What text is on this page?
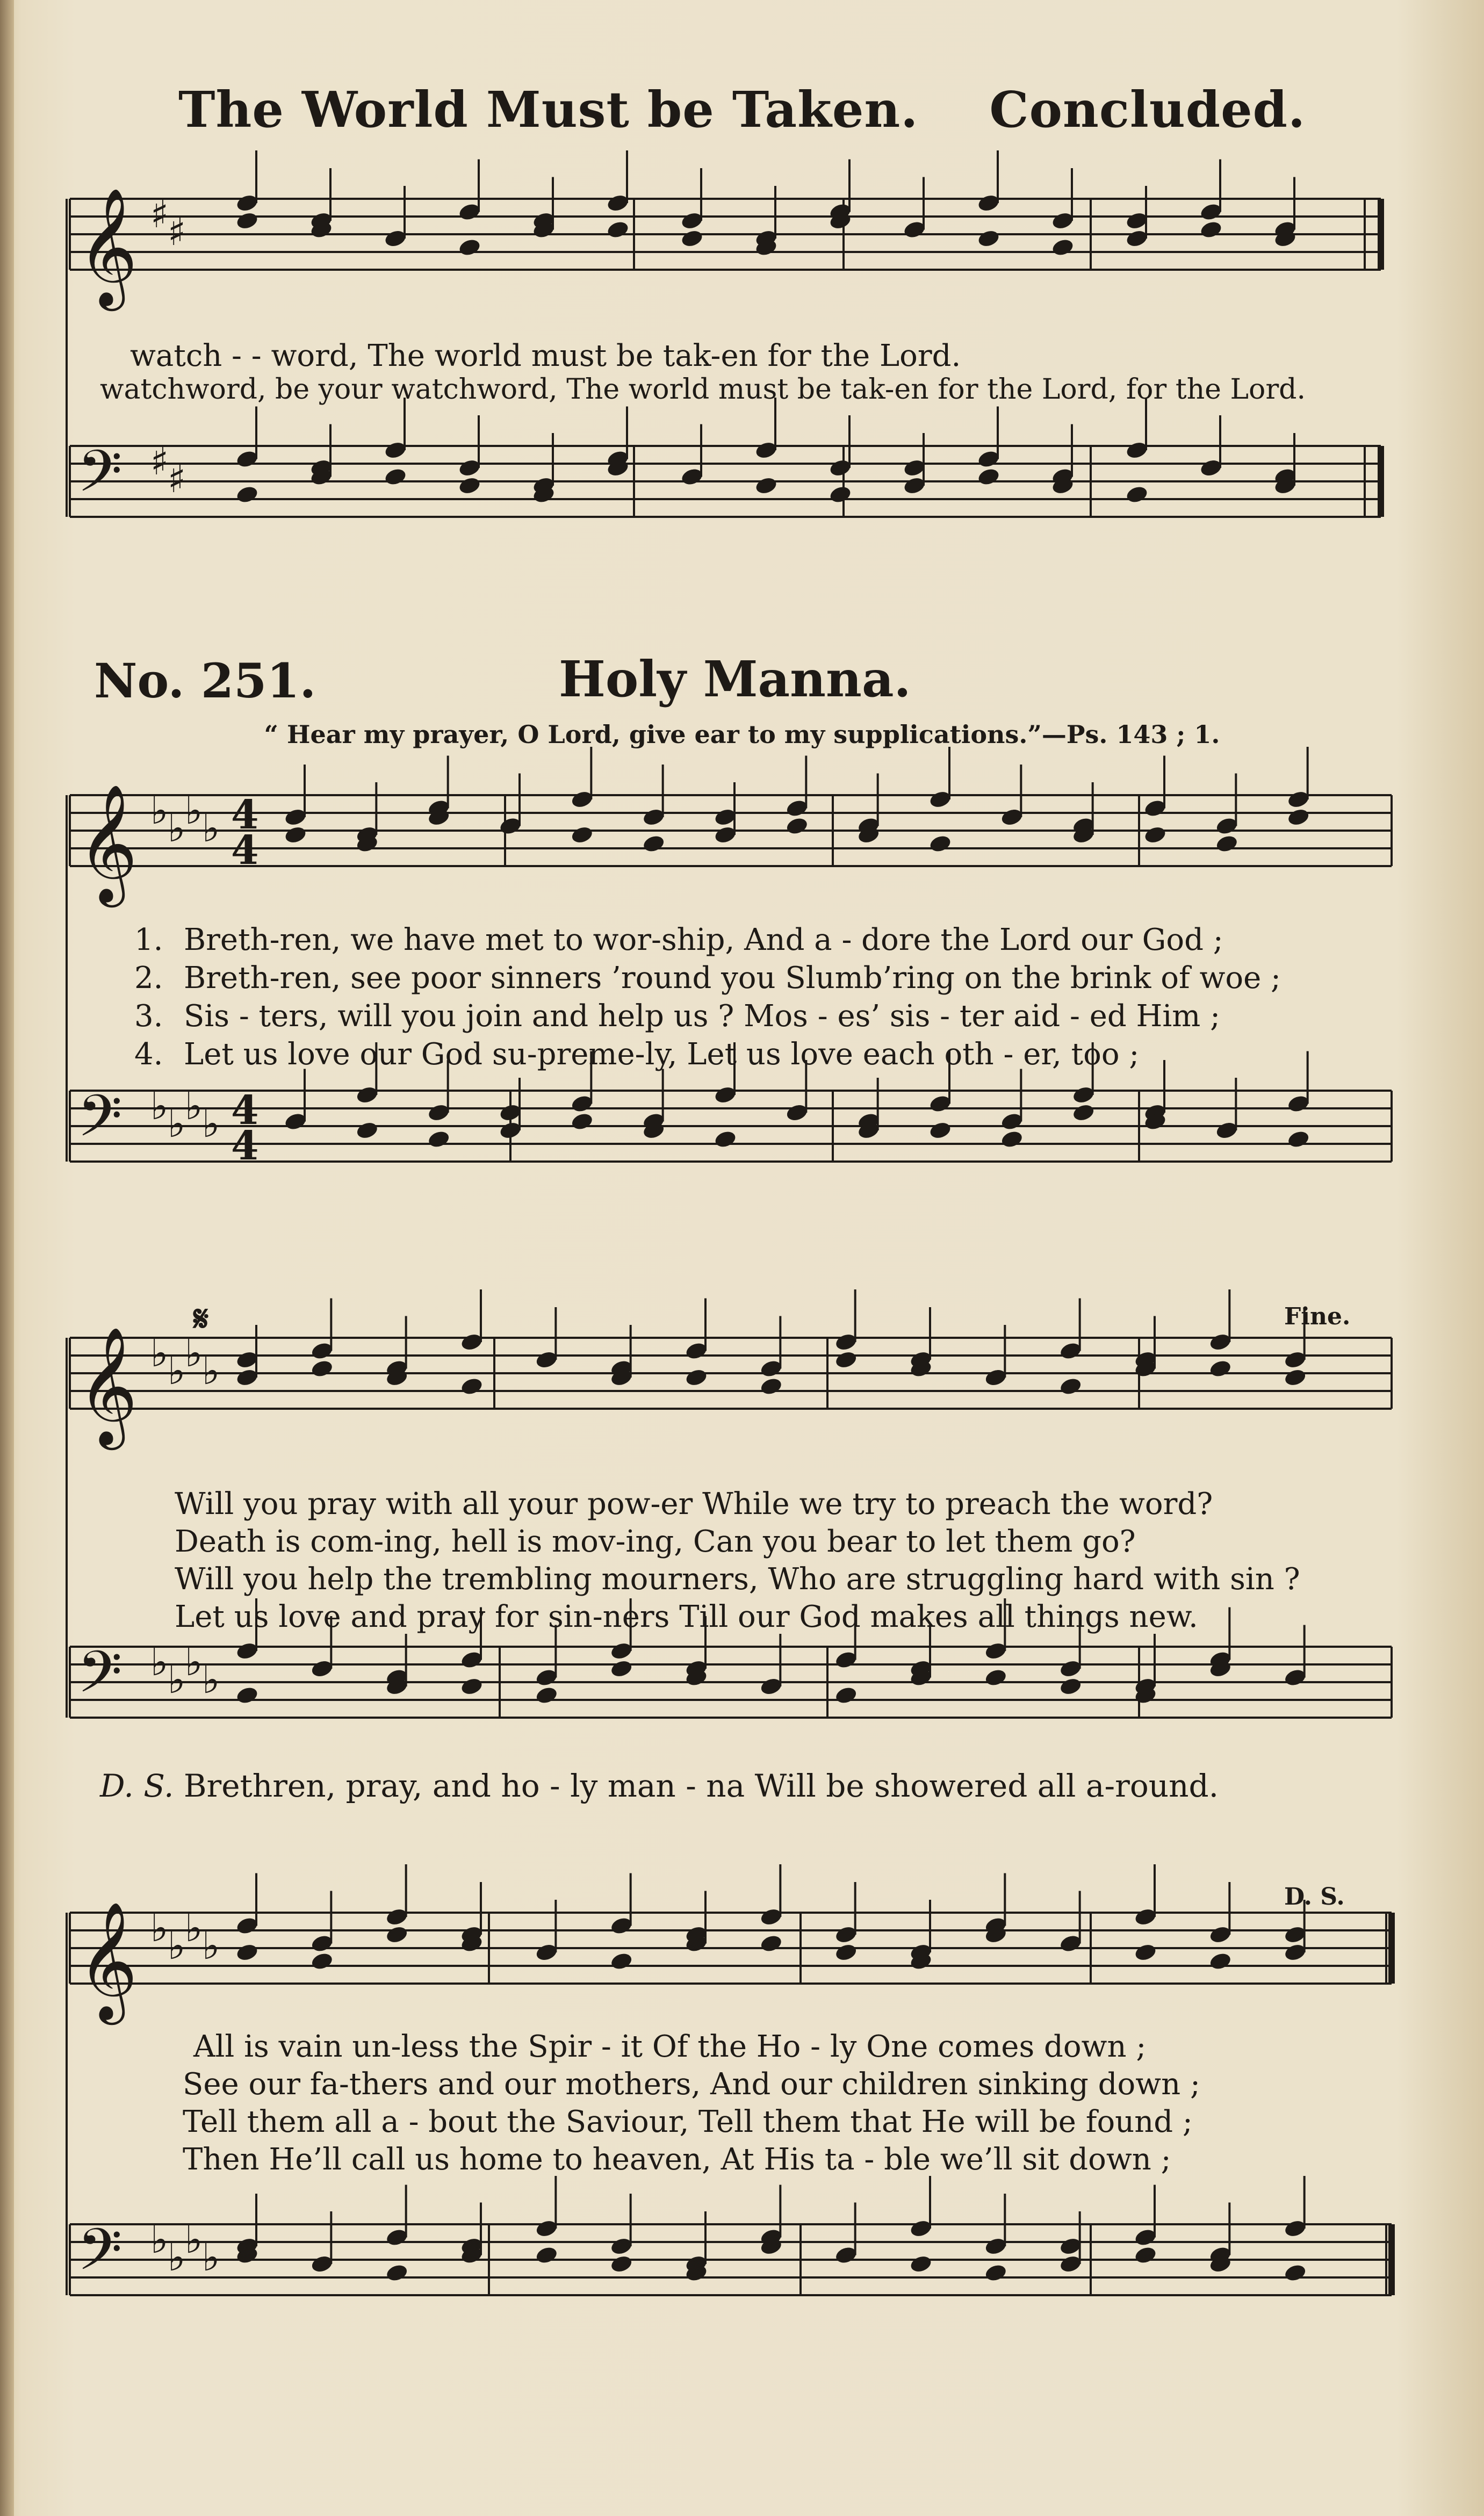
The World Must be Taken. Concluded.
𝄞 ♯
♯
𝄢 ♯
♯
𝄞 ♭
♭
♭
♭ 4
4
𝄢 ♭
♭
♭
♭ 4
4
𝄞 ♭
♭
♭
♭
𝄢 ♭
♭
♭
♭
𝄞 ♭
♭
♭
♭
𝄢 ♭
♭
♭
♭
watch - - word, The world must be tak-en for the Lord.
watchword, be your watchword, The world must be tak-en for the Lord, for the Lord.
No. 251.	Holy Manna.
“ Hear my prayer, O Lord, give ear to my supplications.”—Ps. 143 ; 1.
1. Breth-ren, we have met to wor-ship, And a - dore the Lord our God ;
2. Breth-ren, see poor sinners ’round you Slumb’ring on the brink of woe ;
3. Sis - ters, will you join and help us ? Mos - es’ sis - ter aid - ed Him ;
4. Let us love our God su-preme-ly, Let us love each oth - er, too ;
Fine.
Will you pray with all your pow-er While we try to preach the word?
Death is com-ing, hell is mov-ing, Can you bear to let them go?
Will you help the trembling mourners, Who are struggling hard with sin ?
Let us love and pray for sin-ners Till our God makes all things new.
D. S. Brethren, pray, and ho - ly man - na Will be showered all a-round.
D. S.
All is vain un-less the Spir - it Of the Ho - ly One comes down ;
See our fa-thers and our mothers, And our children sinking down ;
Tell them all a - bout the Saviour, Tell them that He will be found ;
Then He’ll call us home to heaven, At His ta - ble we’ll sit down ;
𝄋
